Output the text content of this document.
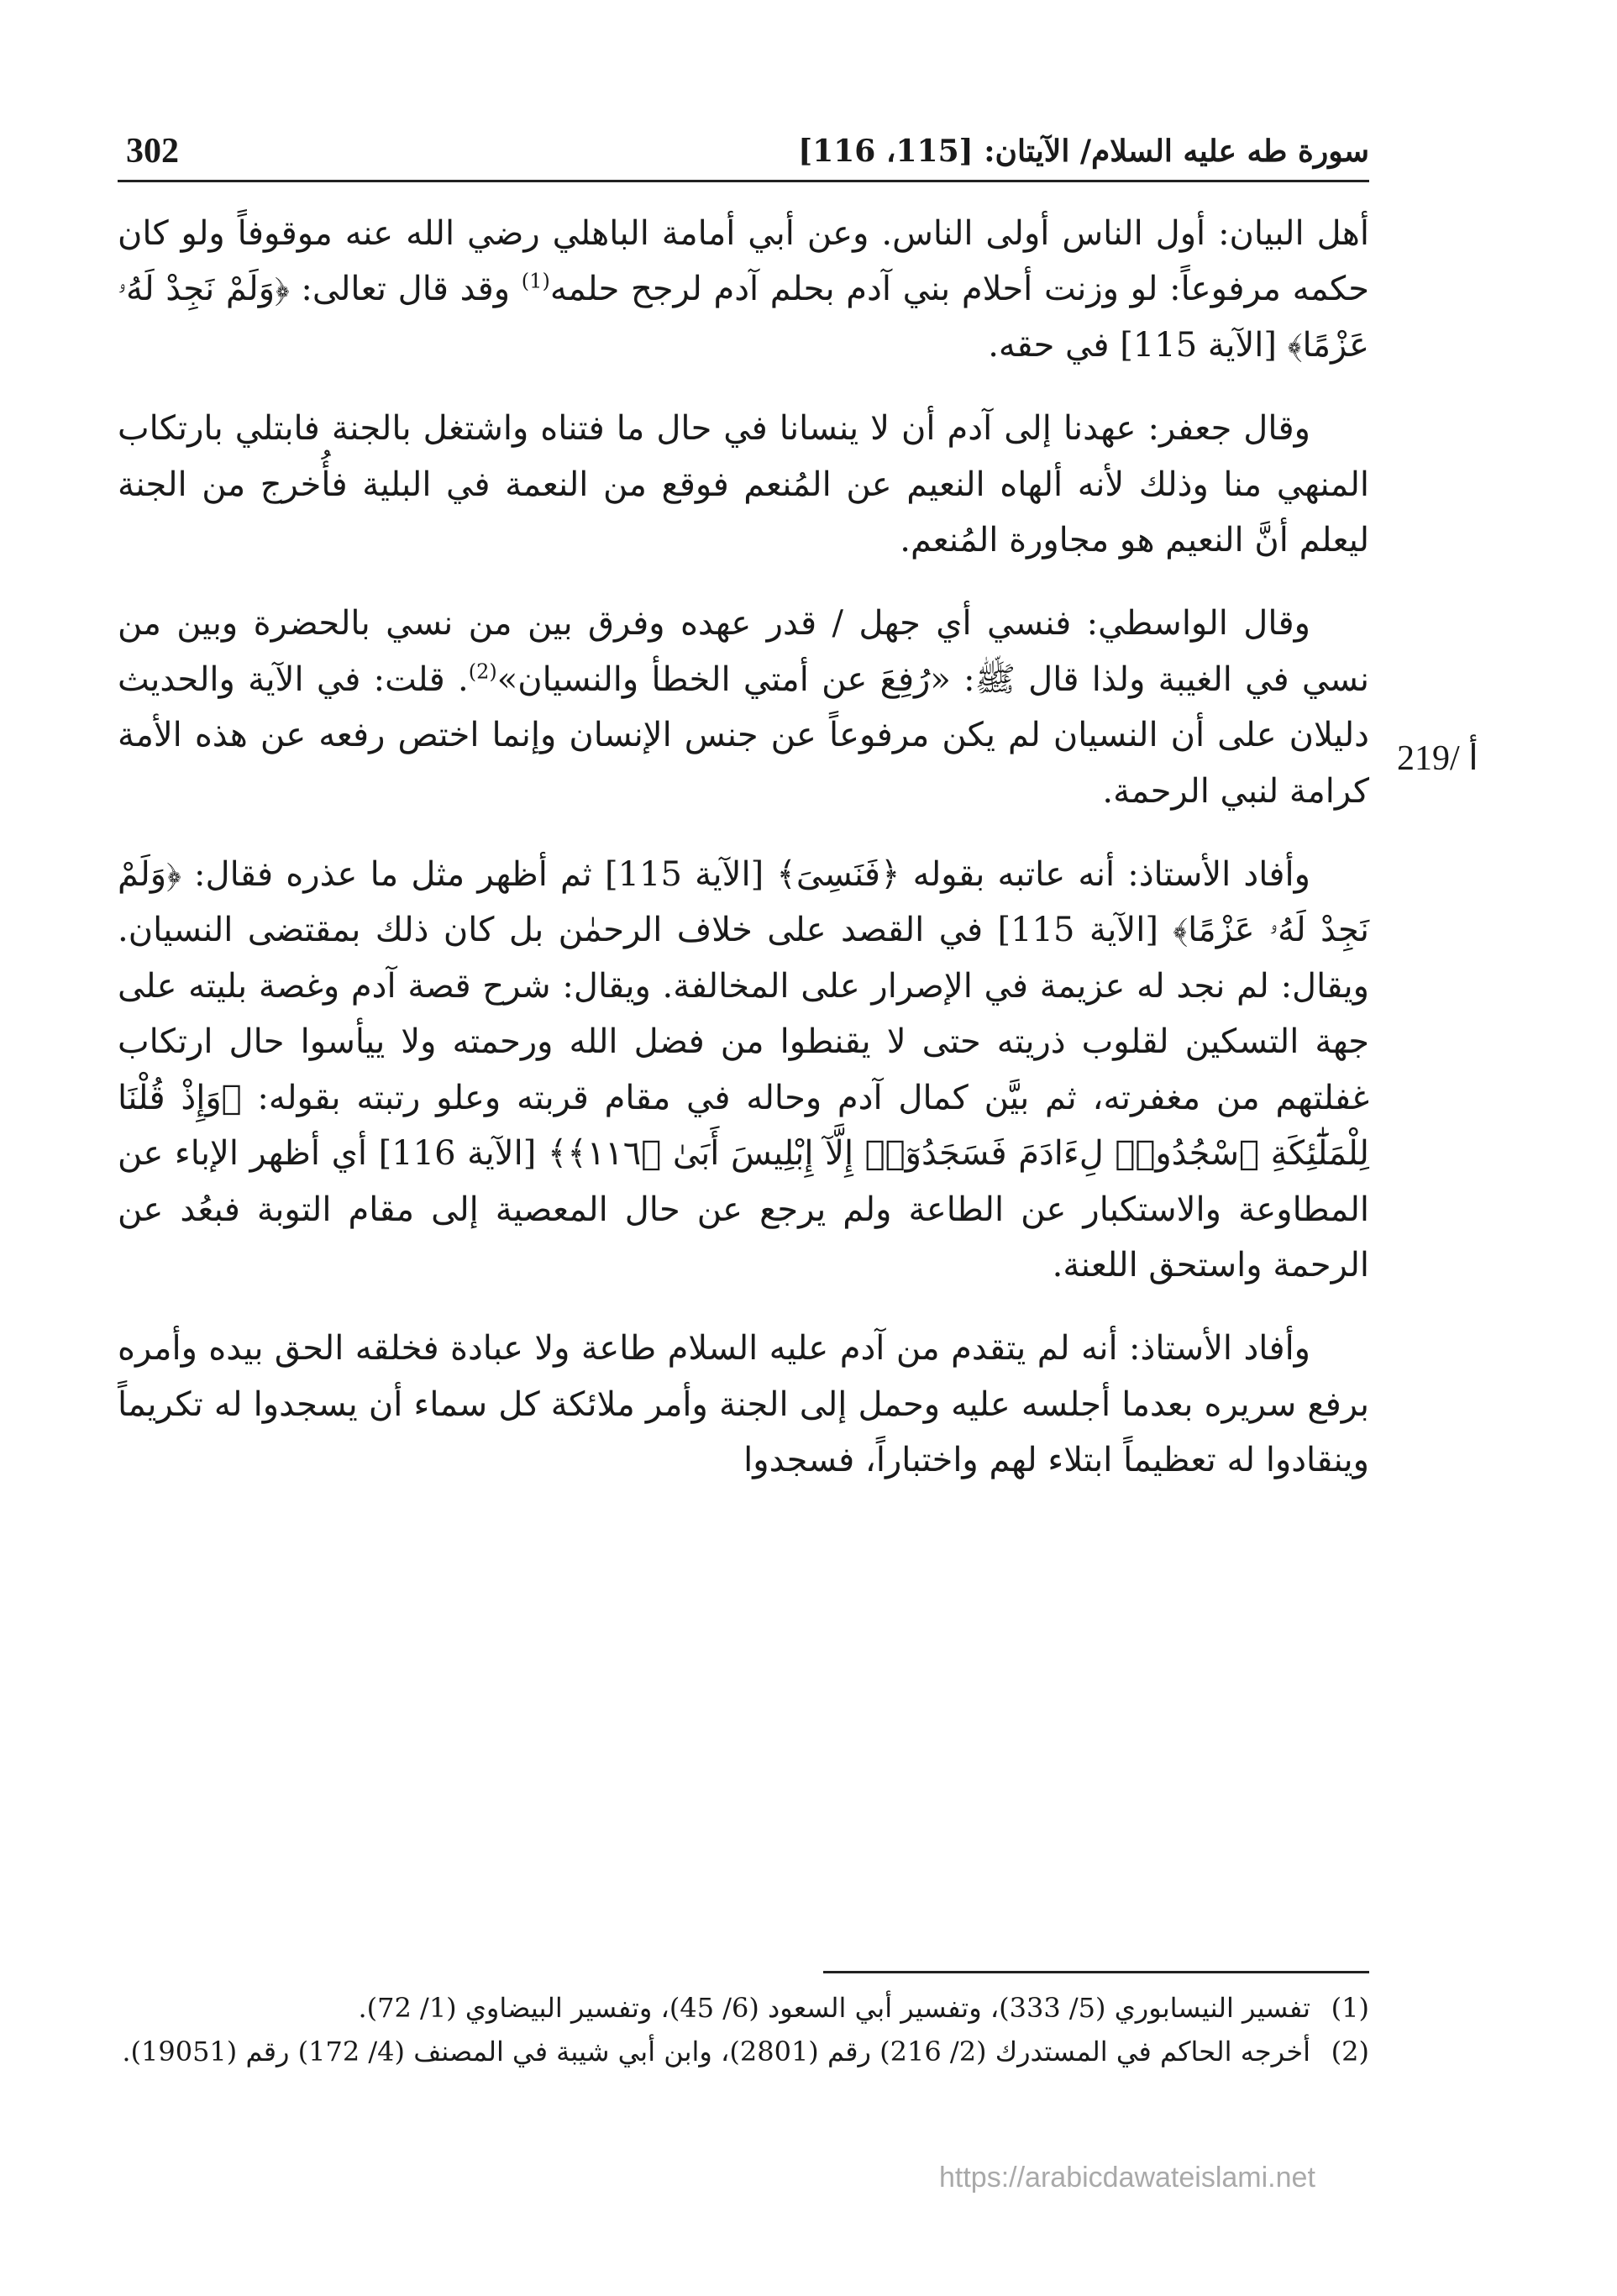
302	سورة طه عليه السلام/ الآيتان: [115، 116]
219/ أ

أهل البيان: أول الناس أولى الناس. وعن أبي أمامة الباهلي رضي الله عنه موقوفاً ولو كان حكمه مرفوعاً: لو وزنت أحلام بني آدم بحلم آدم لرجح حلمه$^{(1)}$ وقد قال تعالى: ﴿وَلَمْ نَجِدْ لَهُۥ عَزْمًا﴾ [الآية 115] في حقه.

وقال جعفر: عهدنا إلى آدم أن لا ينسانا في حال ما فتناه واشتغل بالجنة فابتلي بارتكاب المنهي منا وذلك لأنه ألهاه النعيم عن المُنعم فوقع من النعمة في البلية فأُخرج من الجنة ليعلم أنَّ النعيم هو مجاورة المُنعم.

وقال الواسطي: فنسي أي جهل / قدر عهده وفرق بين من نسي بالحضرة وبين من نسي في الغيبة ولذا قال ﷺ: «رُفِعَ عن أمتي الخطأ والنسيان»$^{(2)}$. قلت: في الآية والحديث دليلان على أن النسيان لم يكن مرفوعاً عن جنس الإنسان وإنما اختص رفعه عن هذه الأمة كرامة لنبي الرحمة.

وأفاد الأستاذ: أنه عاتبه بقوله ﴿فَنَسِىَ﴾ [الآية 115] ثم أظهر مثل ما عذره فقال: ﴿وَلَمْ نَجِدْ لَهُۥ عَزْمًا﴾ [الآية 115] في القصد على خلاف الرحمٰن بل كان ذلك بمقتضى النسيان. ويقال: لم نجد له عزيمة في الإصرار على المخالفة. ويقال: شرح قصة آدم وغصة بليته على جهة التسكين لقلوب ذريته حتى لا يقنطوا من فضل الله ورحمته ولا ييأسوا حال ارتكاب غفلتهم من مغفرته، ثم بيَّن كمال آدم وحاله في مقام قربته وعلو رتبته بقوله: ﴿وَإِذْ قُلْنَا لِلْمَلَٰٓئِكَةِ ٱسْجُدُوا۟ لِءَادَمَ فَسَجَدُوٓا۟ إِلَّآ إِبْلِيسَ أَبَىٰ ﴿١١٦﴾﴾ [الآية 116] أي أظهر الإباء عن المطاوعة والاستكبار عن الطاعة ولم يرجع عن حال المعصية إلى مقام التوبة فبعُد عن الرحمة واستحق اللعنة.

وأفاد الأستاذ: أنه لم يتقدم من آدم عليه السلام طاعة ولا عبادة فخلقه الحق بيده وأمره برفع سريره بعدما أجلسه عليه وحمل إلى الجنة وأمر ملائكة كل سماء أن يسجدوا له تكريماً وينقادوا له تعظيماً ابتلاء لهم واختباراً، فسجدوا

(1)
تفسير النيسابوري (5/ 333)، وتفسير أبي السعود (6/ 45)، وتفسير البيضاوي (1/ 72).

(2)
أخرجه الحاكم في المستدرك (2/ 216) رقم (2801)، وابن أبي شيبة في المصنف (4/ 172) رقم (19051).

https://arabicdawateislami.net
